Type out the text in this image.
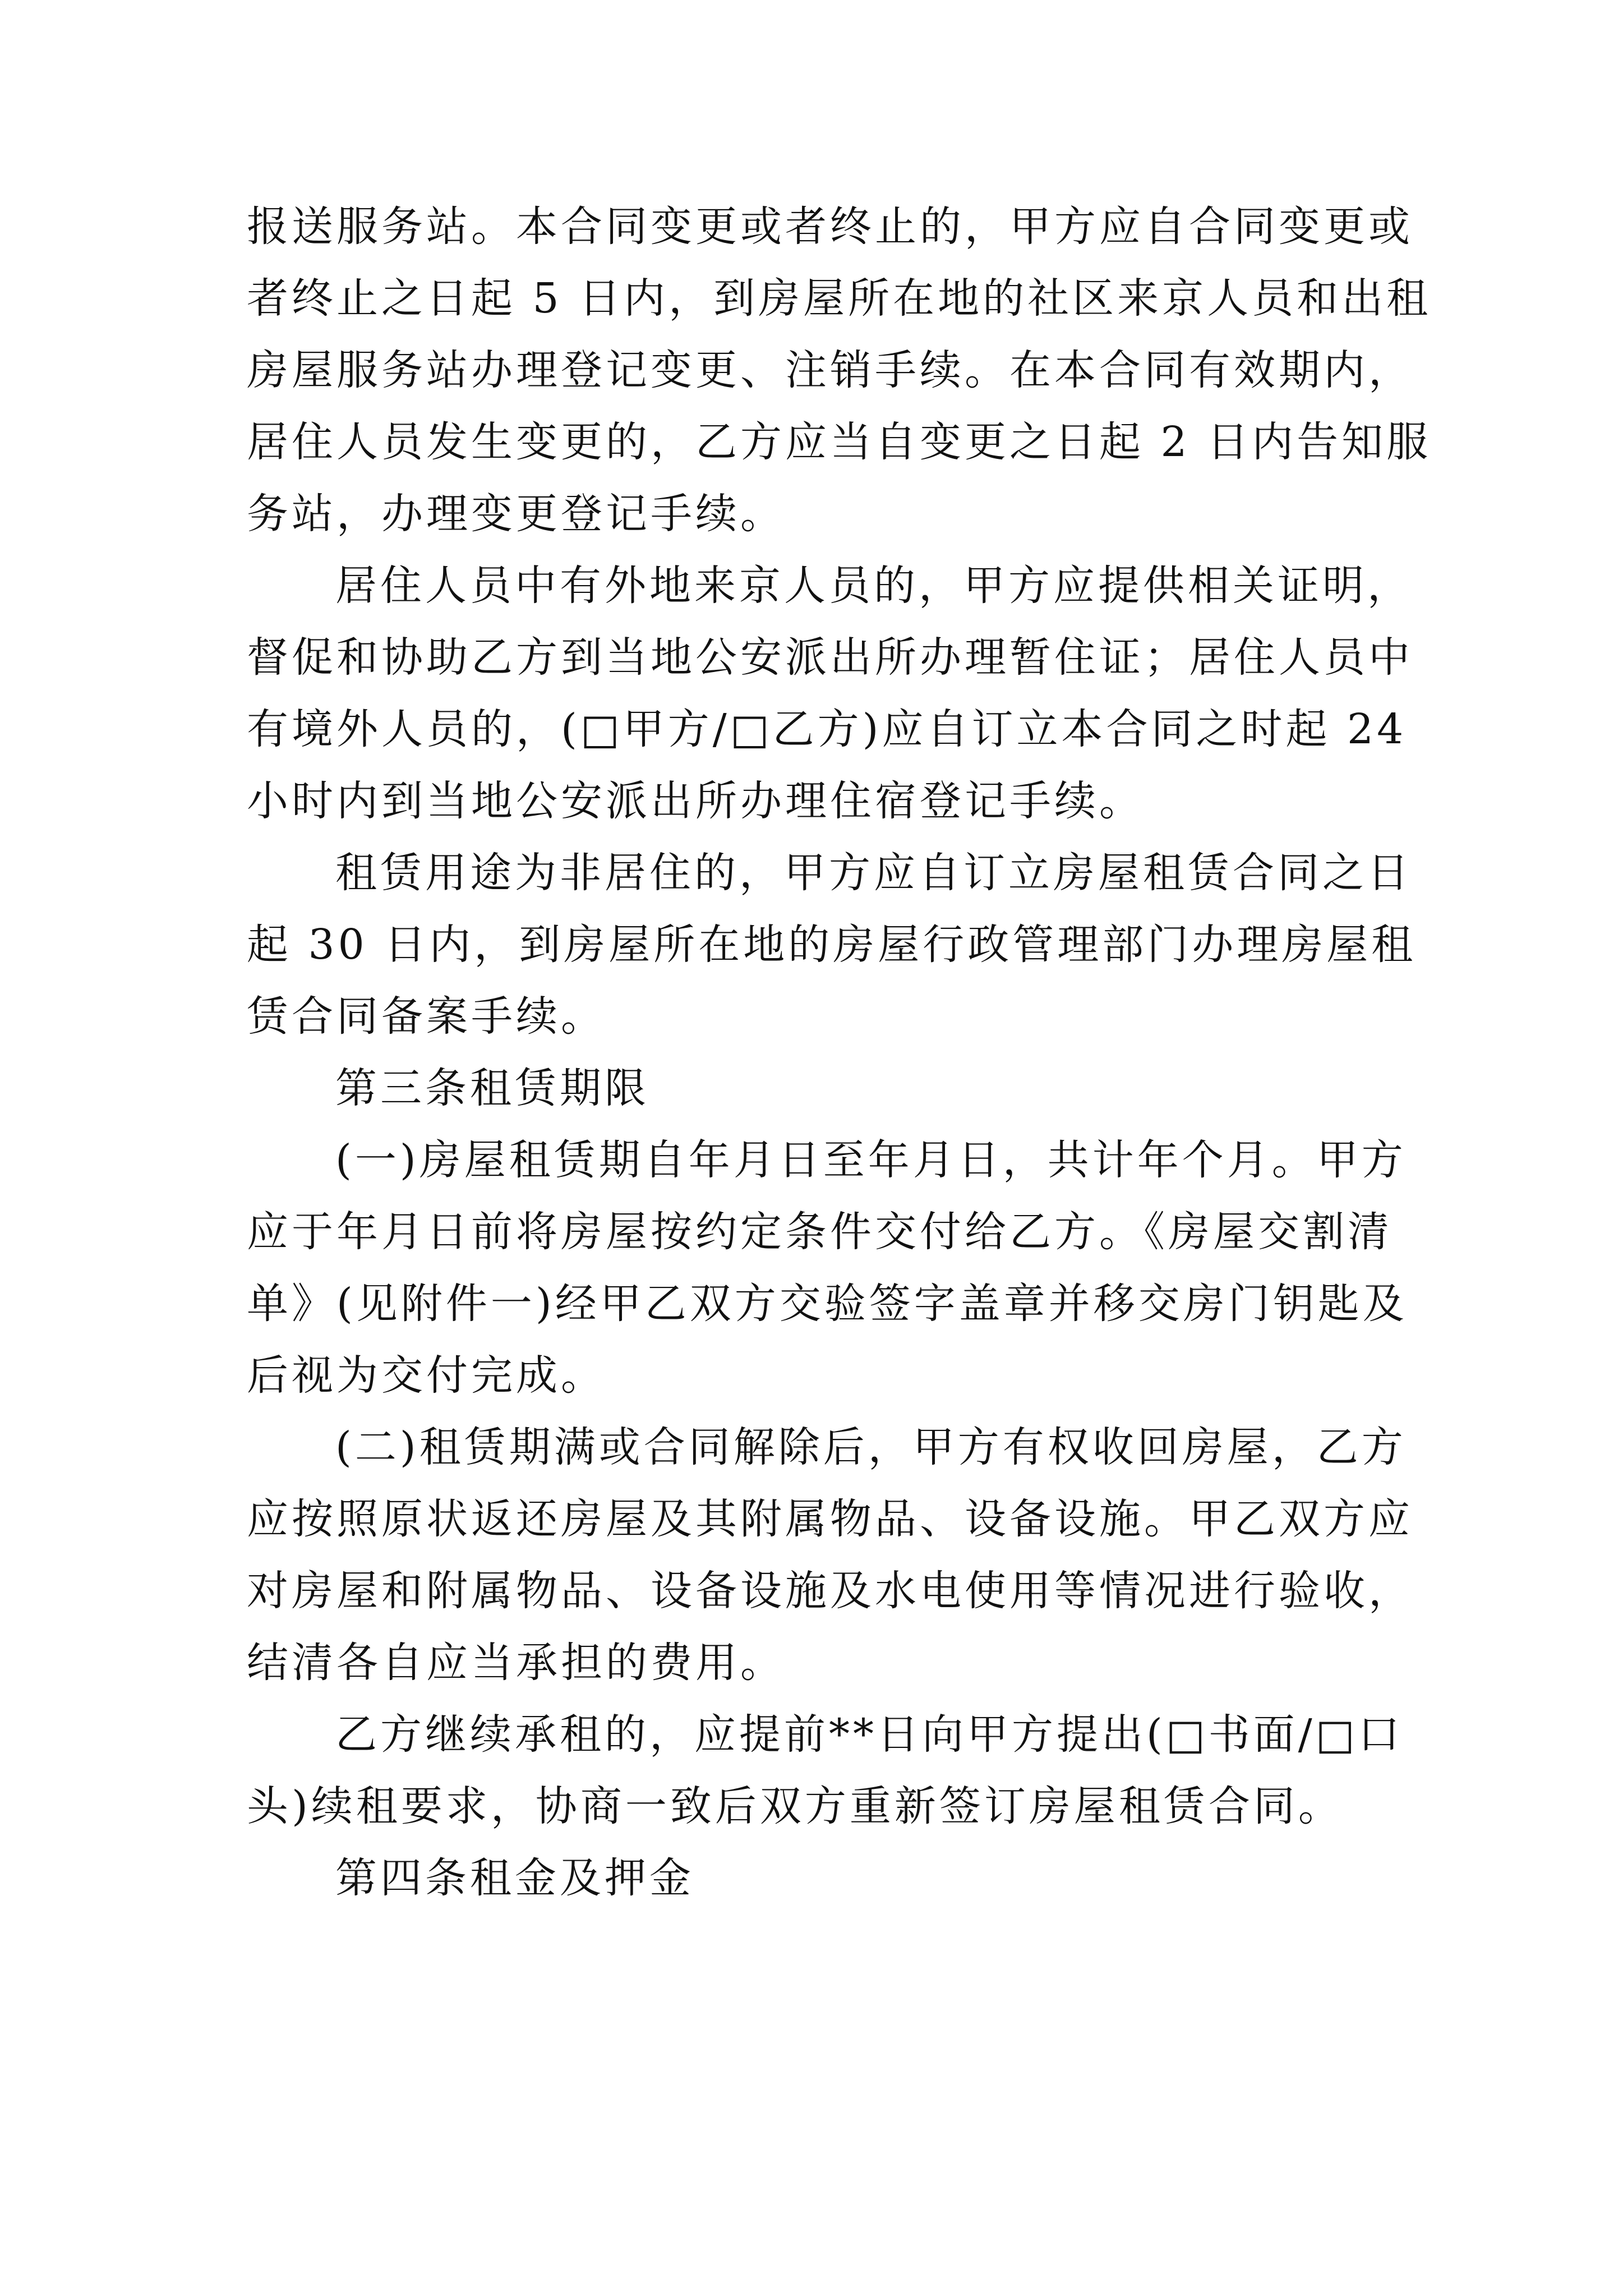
报送服务站。本合同变更或者终止的，甲方应自合同变更或
者终止之日起 5 日内，到房屋所在地的社区来京人员和出租
房屋服务站办理登记变更、注销手续。在本合同有效期内，
居住人员发生变更的，乙方应当自变更之日起 2 日内告知服
务站，办理变更登记手续。
居住人员中有外地来京人员的，甲方应提供相关证明，
督促和协助乙方到当地公安派出所办理暂住证；居住人员中
有境外人员的，(□甲方/□乙方)应自订立本合同之时起 24
小时内到当地公安派出所办理住宿登记手续。
租赁用途为非居住的，甲方应自订立房屋租赁合同之日
起 30 日内，到房屋所在地的房屋行政管理部门办理房屋租
赁合同备案手续。
第三条租赁期限
(一)房屋租赁期自年月日至年月日，共计年个月。甲方
应于年月日前将房屋按约定条件交付给乙方。《房屋交割清
单》(见附件一)经甲乙双方交验签字盖章并移交房门钥匙及
后视为交付完成。
(二)租赁期满或合同解除后，甲方有权收回房屋，乙方
应按照原状返还房屋及其附属物品、设备设施。甲乙双方应
对房屋和附属物品、设备设施及水电使用等情况进行验收，
结清各自应当承担的费用。
乙方继续承租的，应提前**日向甲方提出(□书面/□口
头)续租要求，协商一致后双方重新签订房屋租赁合同。
第四条租金及押金
